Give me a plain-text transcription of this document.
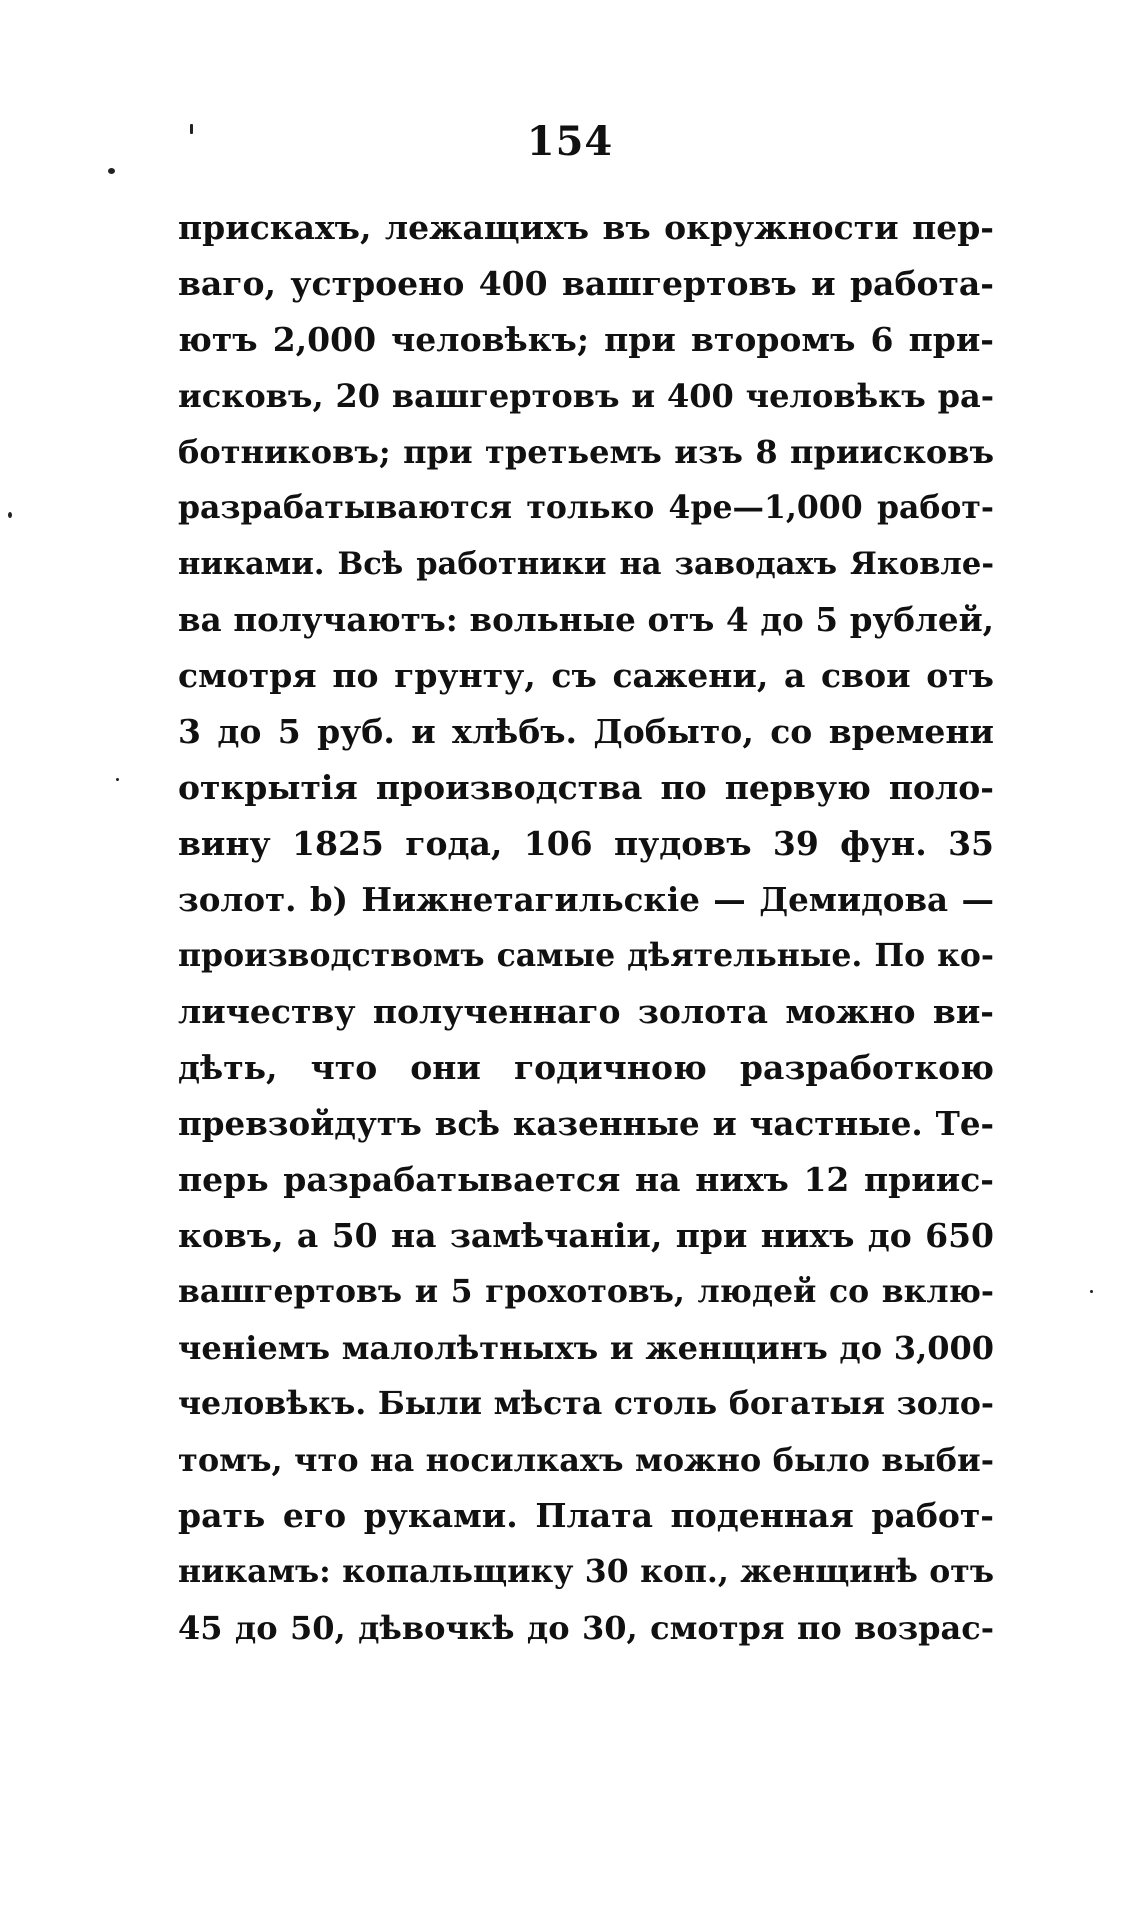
154
прискахъ, лежащихъ въ окружности пер-
ваго, устроено 400 вашгертовъ и работа-
ютъ 2,000 человѣкъ; при второмъ 6 при-
исковъ, 20 вашгертовъ и 400 человѣкъ ра-
ботниковъ; при третьемъ изъ 8 приисковъ
разрабатываются только 4ре—1,000 работ-
никами. Всѣ работники на заводахъ Яковле-
ва получаютъ: вольные отъ 4 до 5 рублей,
смотря по грунту, съ сажени, а свои отъ
3 до 5 руб. и хлѣбъ. Добыто, со времени
открытія производства по первую поло-
вину 1825 года, 106 пудовъ 39 фун. 35
золот. b) Нижнетагильскіе — Демидова —
производствомъ самые дѣятельные. По ко-
личеству полученнаго золота можно ви-
дѣть, что они годичною разработкою
превзойдутъ всѣ казенные и частные. Те-
перь разрабатывается на нихъ 12 приис-
ковъ, а 50 на замѣчаніи, при нихъ до 650
вашгертовъ и 5 грохотовъ, людей со вклю-
ченіемъ малолѣтныхъ и женщинъ до 3,000
человѣкъ. Были мѣста столь богатыя золо-
томъ, что на носилкахъ можно было выби-
рать его руками. Плата поденная работ-
никамъ: копальщику 30 коп., женщинѣ отъ
45 до 50, дѣвочкѣ до 30, смотря по возрас-
